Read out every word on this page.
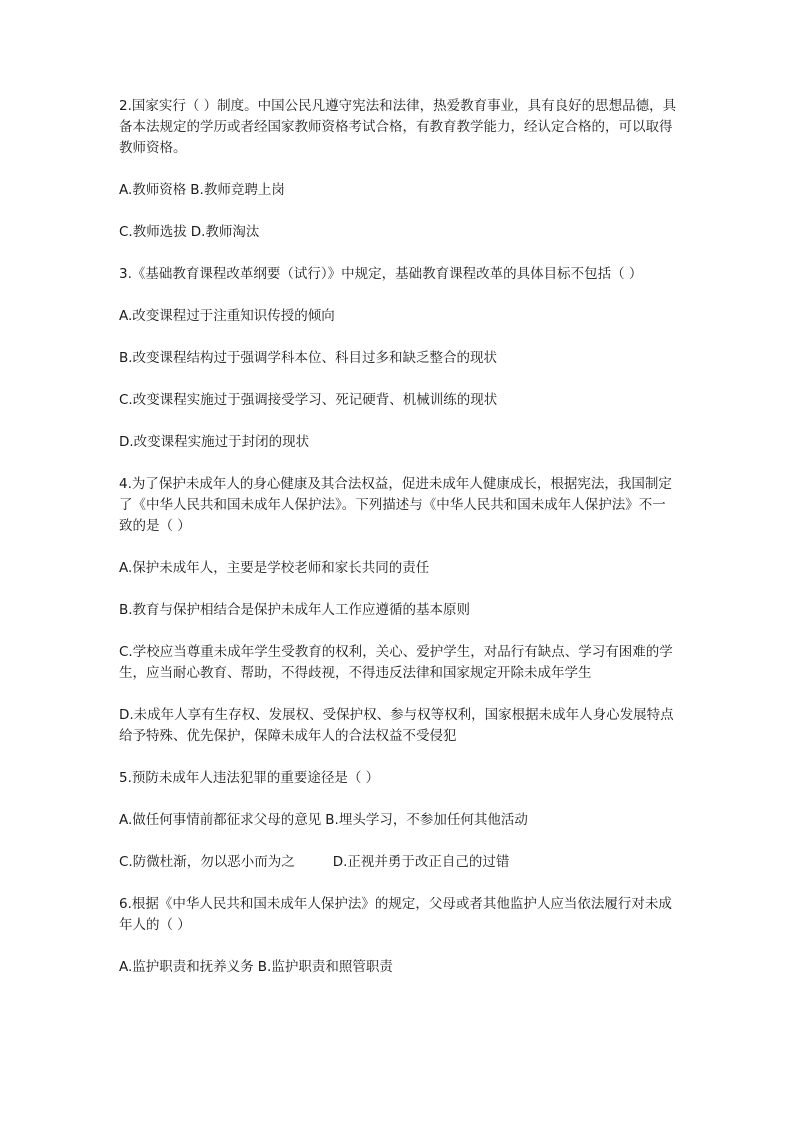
2.国家实行（ ）制度。中国公民凡遵守宪法和法律，热爱教育事业，具有良好的思想品德，具备本法规定的学历或者经国家教师资格考试合格，有教育教学能力，经认定合格的，可以取得教师资格。

A.教师资格 B.教师竞聘上岗

C.教师选拔 D.教师淘汰

3.《基础教育课程改革纲要（试行）》中规定，基础教育课程改革的具体目标不包括（ ）

A.改变课程过于注重知识传授的倾向

B.改变课程结构过于强调学科本位、科目过多和缺乏整合的现状

C.改变课程实施过于强调接受学习、死记硬背、机械训练的现状

D.改变课程实施过于封闭的现状

4.为了保护未成年人的身心健康及其合法权益，促进未成年人健康成长，根据宪法，我国制定了《中华人民共和国未成年人保护法》。下列描述与《中华人民共和国未成年人保护法》不一致的是（ ）

A.保护未成年人，主要是学校老师和家长共同的责任

B.教育与保护相结合是保护未成年人工作应遵循的基本原则

C.学校应当尊重未成年学生受教育的权利，关心、爱护学生，对品行有缺点、学习有困难的学生，应当耐心教育、帮助，不得歧视，不得违反法律和国家规定开除未成年学生

D.未成年人享有生存权、发展权、受保护权、参与权等权利，国家根据未成年人身心发展特点给予特殊、优先保护，保障未成年人的合法权益不受侵犯

5.预防未成年人违法犯罪的重要途径是（ ）

A.做任何事情前都征求父母的意见 B.埋头学习，不参加任何其他活动

C.防微杜渐，勿以恶小而为之	D.正视并勇于改正自己的过错

6.根据《中华人民共和国未成年人保护法》的规定，父母或者其他监护人应当依法履行对未成年人的（ ）

A.监护职责和抚养义务 B.监护职责和照管职责
